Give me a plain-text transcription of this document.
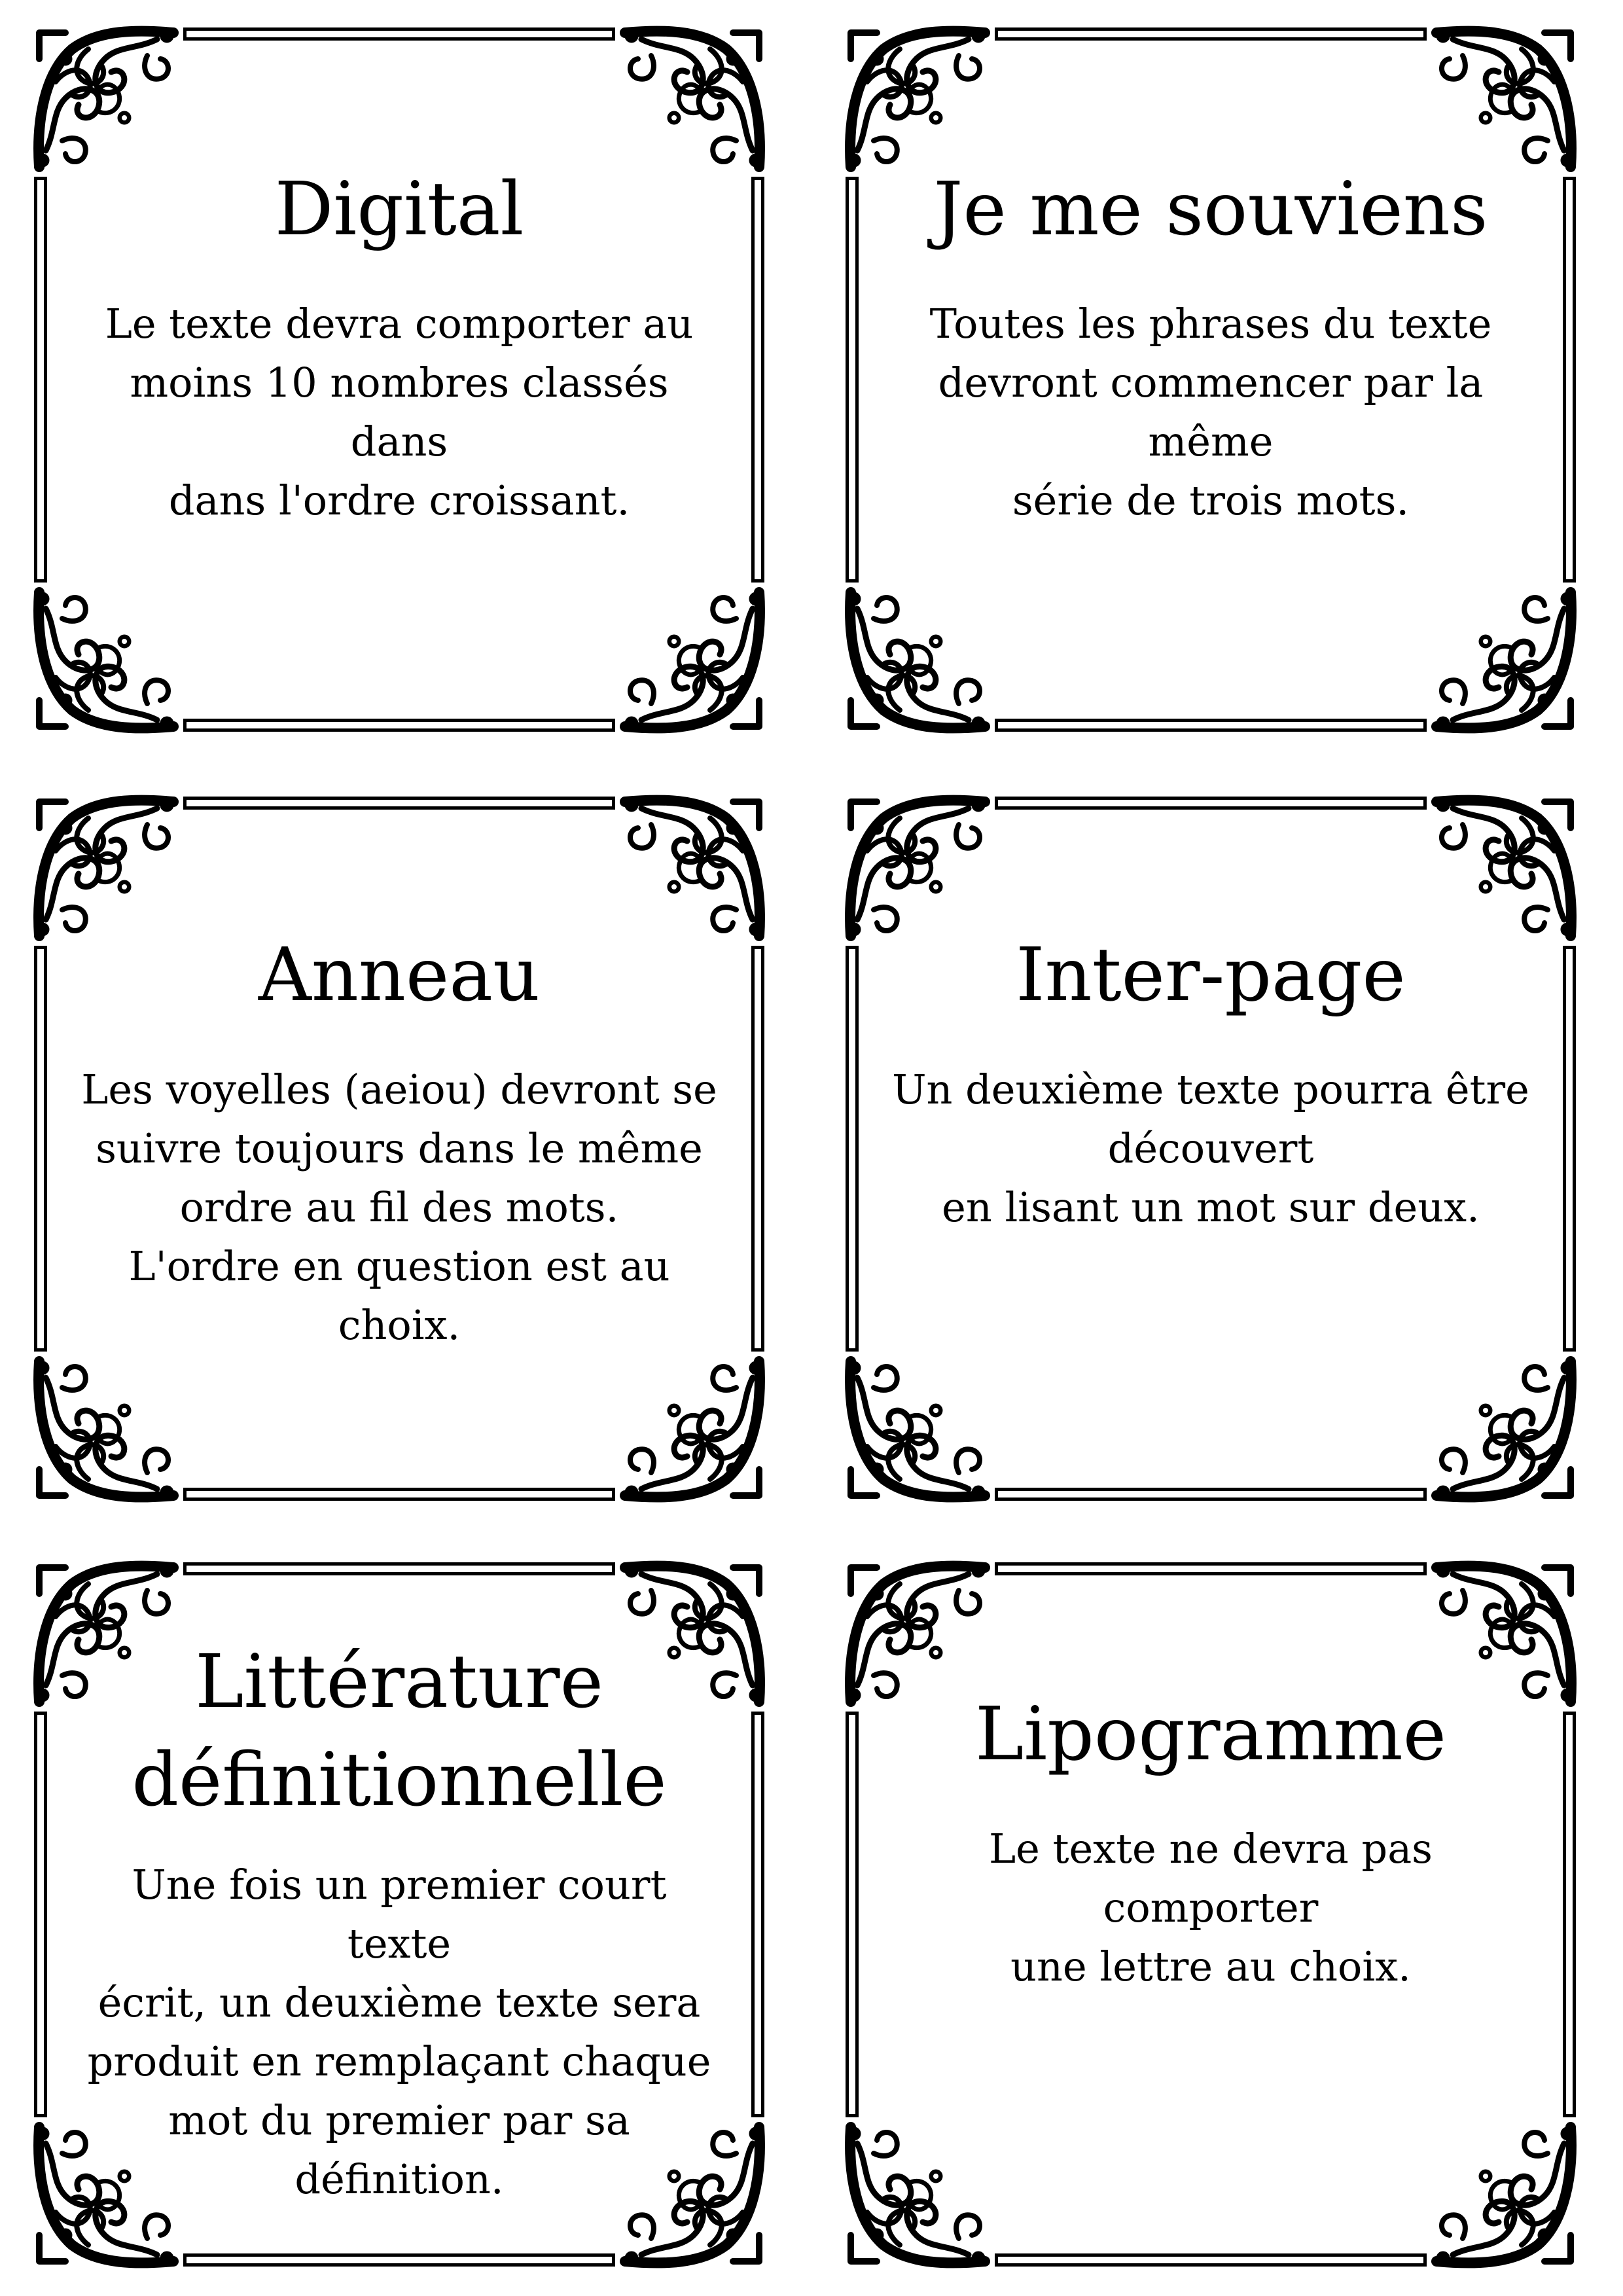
Digital
Le texte devra comporter au
moins 10 nombres classés dans
dans l'ordre croissant.
Je me souviens
Toutes les phrases du texte
devront commencer par la même
série de trois mots.
Anneau
Les voyelles (aeiou) devront se
suivre toujours dans le même
ordre au fil des mots.
L'ordre en question est au choix.
Inter-page
Un deuxième texte pourra être
découvert
en lisant un mot sur deux.
Littérature
définitionnelle
Une fois un premier court texte
écrit, un deuxième texte sera
produit en remplaçant chaque
mot du premier par sa définition.
Lipogramme
Le texte ne devra pas comporter
une lettre au choix.
